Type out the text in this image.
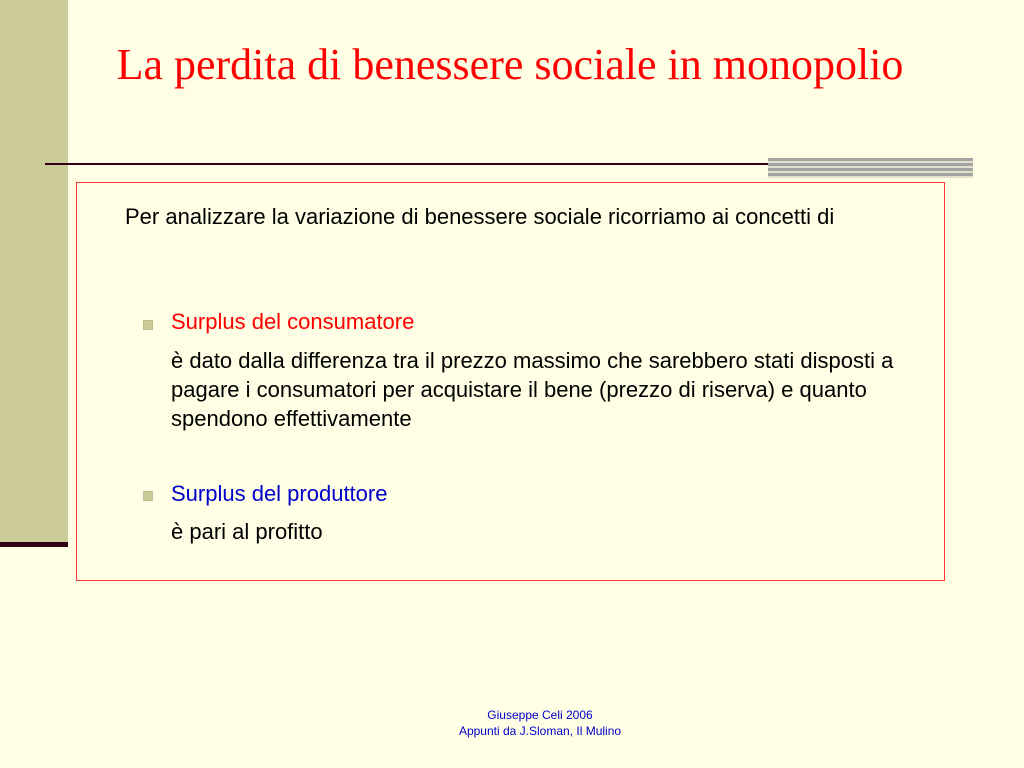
La perdita di benessere sociale in monopolio
Per analizzare la variazione di benessere sociale ricorriamo ai concetti di
Surplus del consumatore
è dato dalla differenza tra il prezzo massimo che sarebbero stati disposti a pagare i consumatori per acquistare il bene (prezzo di riserva) e quanto spendono effettivamente
Surplus del produttore
è pari al profitto
Giuseppe Celi 2006
Appunti da J.Sloman, Il Mulino
